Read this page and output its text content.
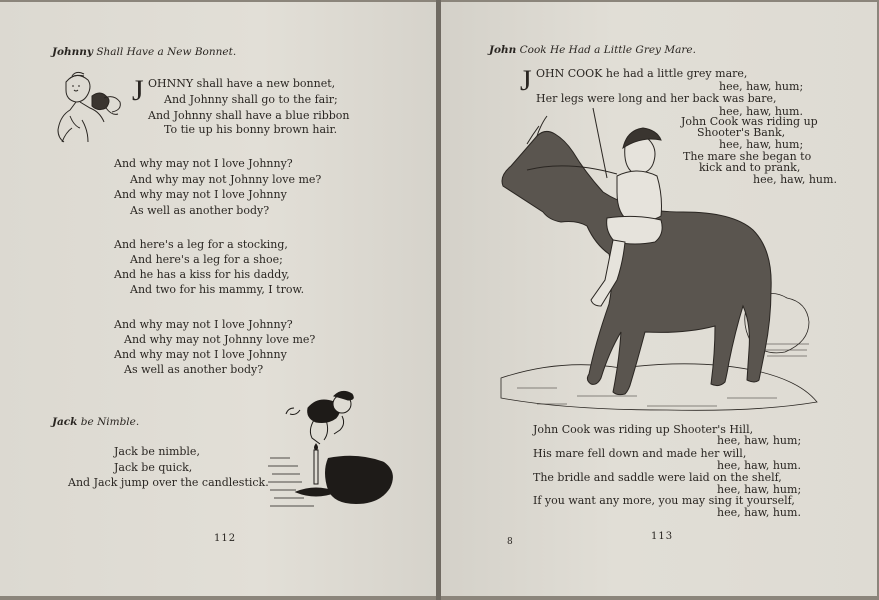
Johnny Shall Have a New Bonnet.
J OHNNY shall have a new bonnet,
And Johnny shall go to the fair;
And Johnny shall have a blue ribbon
To tie up his bonny brown hair.
And why may not I love Johnny?
And why may not Johnny love me?
And why may not I love Johnny
As well as another body?
And here's a leg for a stocking,
And here's a leg for a shoe;
And he has a kiss for his daddy,
And two for his mammy, I trow.
And why may not I love Johnny?
And why may not Johnny love me?
And why may not I love Johnny
As well as another body?
Jack be Nimble.
Jack be nimble,
Jack be quick,
And Jack jump over the candlestick.
112
John Cook He Had a Little Grey Mare.
J OHN COOK he had a little grey mare,
hee, haw, hum;
Her legs were long and her back was bare,
hee, haw, hum.
John Cook was riding up
Shooter's Bank,
hee, haw, hum;
The mare she began to
kick and to prank,
hee, haw, hum.
John Cook was riding up Shooter's Hill,
hee, haw, hum;
His mare fell down and made her will,
hee, haw, hum.
The bridle and saddle were laid on the shelf,
hee, haw, hum;
If you want any more, you may sing it yourself,
hee, haw, hum.
8	113
